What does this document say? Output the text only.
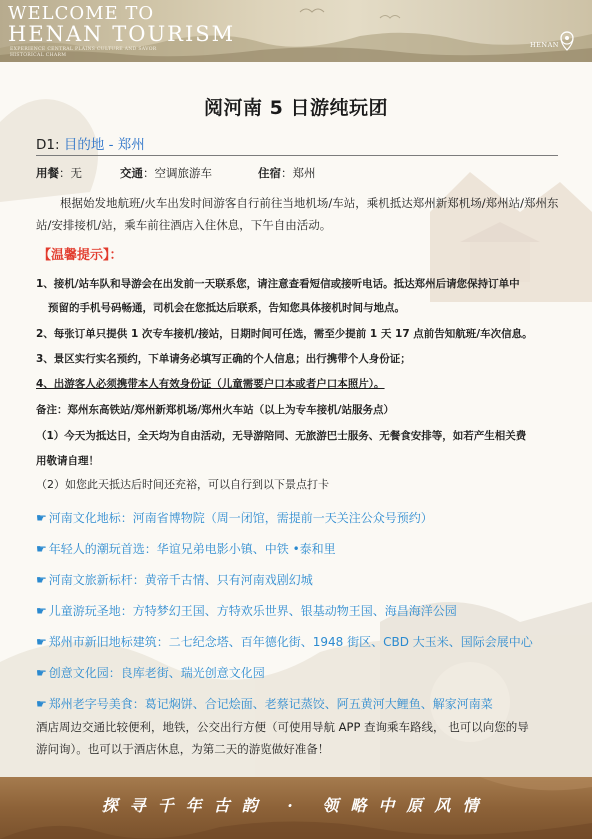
WELCOME TO
HENAN TOURISM
EXPERIENCE CENTRAL PLAINS CULTURE AND SAVOR HISTORICAL CHARM
HENAN
阅河南 5 日游纯玩团
D1: 目的地 - 郑州
用餐：无	交通：空调旅游车	住宿：郑州
根据始发地航班/火车出发时间游客自行前往当地机场/车站，乘机抵达郑州新郑机场/郑州站/郑州东站/安排接机/站，乘车前往酒店入住休息，下午自由活动。
【温馨提示】：
1、接机/站车队和导游会在出发前一天联系您，请注意查看短信或接听电话。抵达郑州后请您保持订单中
预留的手机号码畅通，司机会在您抵达后联系，告知您具体接机时间与地点。
2、每张订单只提供 1 次专车接机/接站，日期时间可任选，需至少提前 1 天 17 点前告知航班/车次信息。
3、景区实行实名预约，下单请务必填写正确的个人信息；出行携带个人身份证；
4、出游客人必须携带本人有效身份证（儿童需要户口本或者户口本照片）。
备注：郑州东高铁站/郑州新郑机场/郑州火车站（以上为专车接机/站服务点）
（1）今天为抵达日，全天均为自由活动，无导游陪同、无旅游巴士服务、无餐食安排等，如若产生相关费
用敬请自理！
（2）如您此天抵达后时间还充裕，可以自行到以下景点打卡
☛ 河南文化地标：河南省博物院（周一闭馆，需提前一天关注公众号预约）
☛ 年轻人的潮玩首选：华谊兄弟电影小镇、中铁 •泰和里
☛ 河南文旅新标杆：黄帝千古情、只有河南戏剧幻城
☛ 儿童游玩圣地：方特梦幻王国、方特欢乐世界、银基动物王国、海昌海洋公园
☛ 郑州市新旧地标建筑：二七纪念塔、百年德化街、1948 街区、CBD 大玉米、国际会展中心
☛ 创意文化园：良库老街、瑞光创意文化园
☛ 郑州老字号美食：葛记焖饼、合记烩面、老蔡记蒸饺、阿五黄河大鲤鱼、解家河南菜
酒店周边交通比较便利，地铁，公交出行方便（可使用导航 APP 查询乘车路线， 也可以向您的导
游问询）。也可以于酒店休息，为第二天的游览做好准备！
探寻千年古韵 · 领略中原风情
